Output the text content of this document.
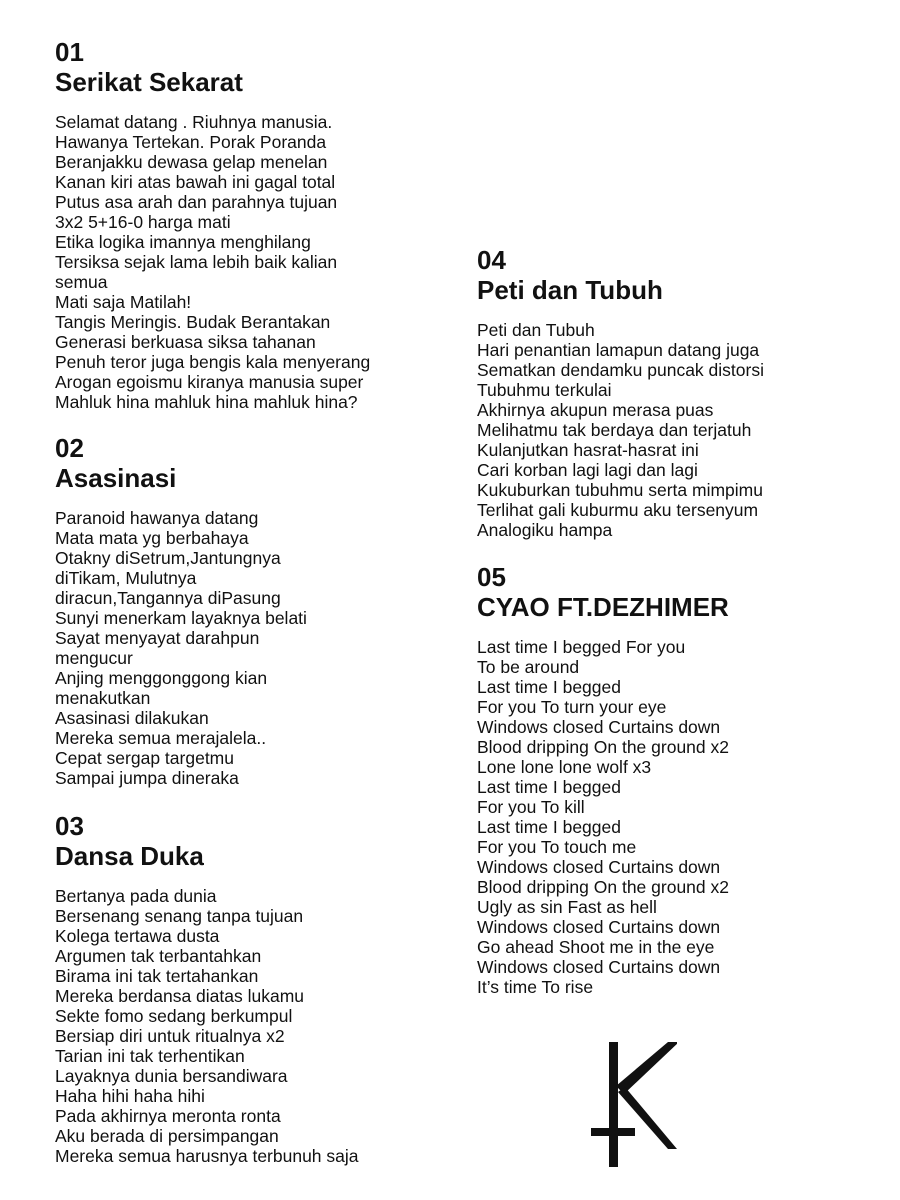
01
Serikat Sekarat
Selamat datang . Riuhnya manusia.
Hawanya Tertekan. Porak Poranda
Beranjakku dewasa gelap menelan
Kanan kiri atas bawah ini gagal total
Putus asa arah dan parahnya tujuan
3x2 5+16-0 harga mati
Etika logika imannya menghilang
Tersiksa sejak lama lebih baik kalian
semua
Mati saja Matilah!
Tangis Meringis. Budak Berantakan
Generasi berkuasa siksa tahanan
Penuh teror juga bengis kala menyerang
Arogan egoismu kiranya manusia super
Mahluk hina mahluk hina mahluk hina?
02
Asasinasi
Paranoid hawanya datang
Mata mata yg berbahaya
Otakny diSetrum,Jantungnya
diTikam, Mulutnya
diracun,Tangannya diPasung
Sunyi menerkam layaknya belati
Sayat menyayat darahpun
mengucur
Anjing menggonggong kian
menakutkan
Asasinasi dilakukan
Mereka semua merajalela..
Cepat sergap targetmu
Sampai jumpa dineraka
03
Dansa Duka
Bertanya pada dunia
Bersenang senang tanpa tujuan
Kolega tertawa dusta
Argumen tak terbantahkan
Birama ini tak tertahankan
Mereka berdansa diatas lukamu
Sekte fomo sedang berkumpul
Bersiap diri untuk ritualnya x2
Tarian ini tak terhentikan
Layaknya dunia bersandiwara
Haha hihi haha hihi
Pada akhirnya meronta ronta
Aku berada di persimpangan
Mereka semua harusnya terbunuh saja
04
Peti dan Tubuh
Peti dan Tubuh
Hari penantian lamapun datang juga
Sematkan dendamku puncak distorsi
Tubuhmu terkulai
Akhirnya akupun merasa puas
Melihatmu tak berdaya dan terjatuh
Kulanjutkan hasrat-hasrat ini
Cari korban lagi lagi dan lagi
Kukuburkan tubuhmu serta mimpimu
Terlihat gali kuburmu aku tersenyum
Analogiku hampa
05
CYAO FT.DEZHIMER
Last time I begged For you
To be around
Last time I begged
For you To turn your eye
Windows closed Curtains down
Blood dripping On the ground x2
Lone lone lone wolf x3
Last time I begged
For you To kill
Last time I begged
For you To touch me
Windows closed Curtains down
Blood dripping On the ground x2
Ugly as sin Fast as hell
Windows closed Curtains down
Go ahead Shoot me in the eye
Windows closed Curtains down
It’s time To rise
